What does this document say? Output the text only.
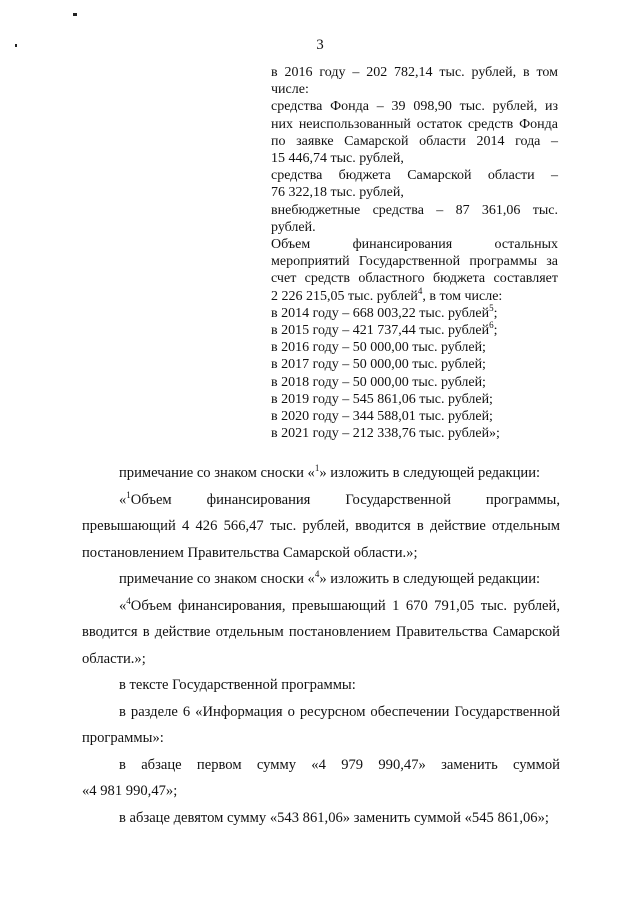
3
в 2016 году – 202 782,14 тыс. рублей, в том
числе:
средства Фонда – 39 098,90 тыс. рублей, из
них неиспользованный остаток средств Фонда
по заявке Самарской области 2014 года –
15 446,74 тыс. рублей,
средства бюджета Самарской области –
76 322,18 тыс. рублей,
внебюджетные средства – 87 361,06 тыс.
рублей.
Объем финансирования остальных
мероприятий Государственной программы за
счет средств областного бюджета составляет
2 226 215,05 тыс. рублей$^4$, в том числе:
в 2014 году – 668 003,22 тыс. рублей$^5$;
в 2015 году – 421 737,44 тыс. рублей$^6$;
в 2016 году – 50 000,00 тыс. рублей;
в 2017 году – 50 000,00 тыс. рублей;
в 2018 году – 50 000,00 тыс. рублей;
в 2019 году – 545 861,06 тыс. рублей;
в 2020 году – 344 588,01 тыс. рублей;
в 2021 году – 212 338,76 тыс. рублей»;

примечание со знаком сноски «$^1$» изложить в следующей редакции:

«$^1$Объем финансирования Государственной программы,

превышающий 4 426 566,47 тыс. рублей, вводится в действие отдельным постановлением Правительства Самарской области.»;

примечание со знаком сноски «$^4$» изложить в следующей редакции:

«$^4$Объем финансирования, превышающий 1 670 791,05 тыс. рублей, вводится в действие отдельным постановлением Правительства Самарской области.»;

в тексте Государственной программы:

в разделе 6 «Информация о ресурсном обеспечении Государственной программы»:

в абзаце первом сумму «4 979 990,47» заменить суммой

«4 981 990,47»;

в абзаце девятом сумму «543 861,06» заменить суммой «545 861,06»;
